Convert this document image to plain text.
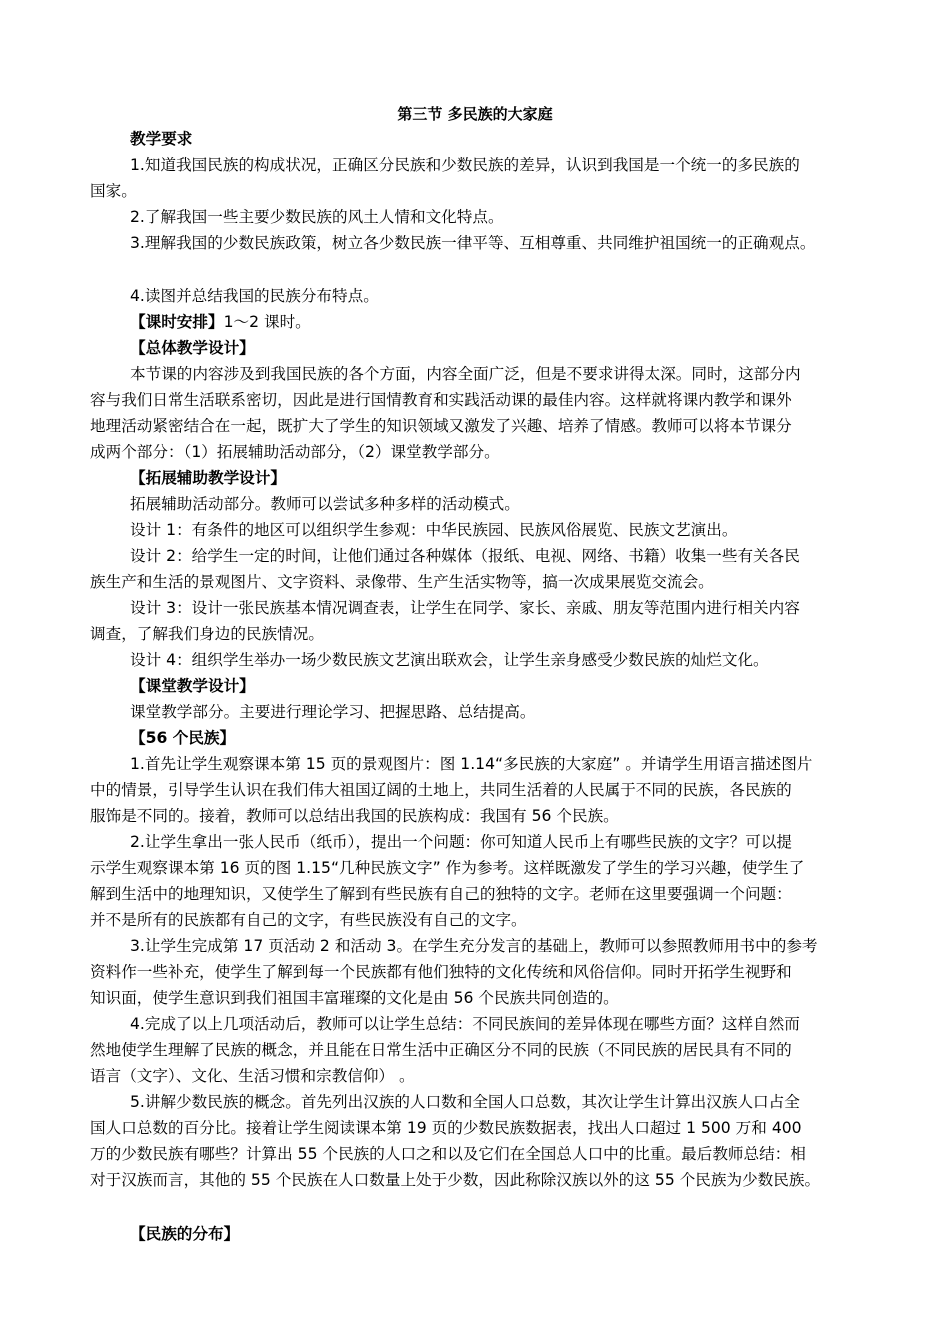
第三节 多民族的大家庭
教学要求
1.知道我国民族的构成状况，正确区分民族和少数民族的差异，认识到我国是一个统一的多民族的
国家。
2.了解我国一些主要少数民族的风土人情和文化特点。
3.理解我国的少数民族政策，树立各少数民族一律平等、互相尊重、共同维护祖国统一的正确观点。
4.读图并总结我国的民族分布特点。
【课时安排】1～2 课时。
【总体教学设计】
本节课的内容涉及到我国民族的各个方面，内容全面广泛，但是不要求讲得太深。同时，这部分内
容与我们日常生活联系密切，因此是进行国情教育和实践活动课的最佳内容。这样就将课内教学和课外
地理活动紧密结合在一起，既扩大了学生的知识领域又激发了兴趣、培养了情感。教师可以将本节课分
成两个部分：（1）拓展辅助活动部分，（2）课堂教学部分。
【拓展辅助教学设计】
拓展辅助活动部分。教师可以尝试多种多样的活动模式。
设计 1：有条件的地区可以组织学生参观：中华民族园、民族风俗展览、民族文艺演出。
设计 2：给学生一定的时间，让他们通过各种媒体（报纸、电视、网络、书籍）收集一些有关各民
族生产和生活的景观图片、文字资料、录像带、生产生活实物等，搞一次成果展览交流会。
设计 3：设计一张民族基本情况调查表，让学生在同学、家长、亲戚、朋友等范围内进行相关内容
调查，了解我们身边的民族情况。
设计 4：组织学生举办一场少数民族文艺演出联欢会，让学生亲身感受少数民族的灿烂文化。
【课堂教学设计】
课堂教学部分。主要进行理论学习、把握思路、总结提高。
【56 个民族】
1.首先让学生观察课本第 15 页的景观图片：图 1.14“多民族的大家庭” 。并请学生用语言描述图片
中的情景，引导学生认识在我们伟大祖国辽阔的土地上，共同生活着的人民属于不同的民族，各民族的
服饰是不同的。接着，教师可以总结出我国的民族构成：我国有 56 个民族。
2.让学生拿出一张人民币（纸币），提出一个问题：你可知道人民币上有哪些民族的文字？可以提
示学生观察课本第 16 页的图 1.15“几种民族文字” 作为参考。这样既激发了学生的学习兴趣，使学生了
解到生活中的地理知识，又使学生了解到有些民族有自己的独特的文字。老师在这里要强调一个问题：
并不是所有的民族都有自己的文字，有些民族没有自己的文字。
3.让学生完成第 17 页活动 2 和活动 3。在学生充分发言的基础上，教师可以参照教师用书中的参考
资料作一些补充，使学生了解到每一个民族都有他们独特的文化传统和风俗信仰。同时开拓学生视野和
知识面，使学生意识到我们祖国丰富璀璨的文化是由 56 个民族共同创造的。
4.完成了以上几项活动后，教师可以让学生总结：不同民族间的差异体现在哪些方面？这样自然而
然地使学生理解了民族的概念，并且能在日常生活中正确区分不同的民族（不同民族的居民具有不同的
语言（文字）、文化、生活习惯和宗教信仰） 。
5.讲解少数民族的概念。首先列出汉族的人口数和全国人口总数，其次让学生计算出汉族人口占全
国人口总数的百分比。接着让学生阅读课本第 19 页的少数民族数据表，找出人口超过 1 500 万和 400
万的少数民族有哪些？计算出 55 个民族的人口之和以及它们在全国总人口中的比重。最后教师总结：相
对于汉族而言，其他的 55 个民族在人口数量上处于少数，因此称除汉族以外的这 55 个民族为少数民族。
【民族的分布】
